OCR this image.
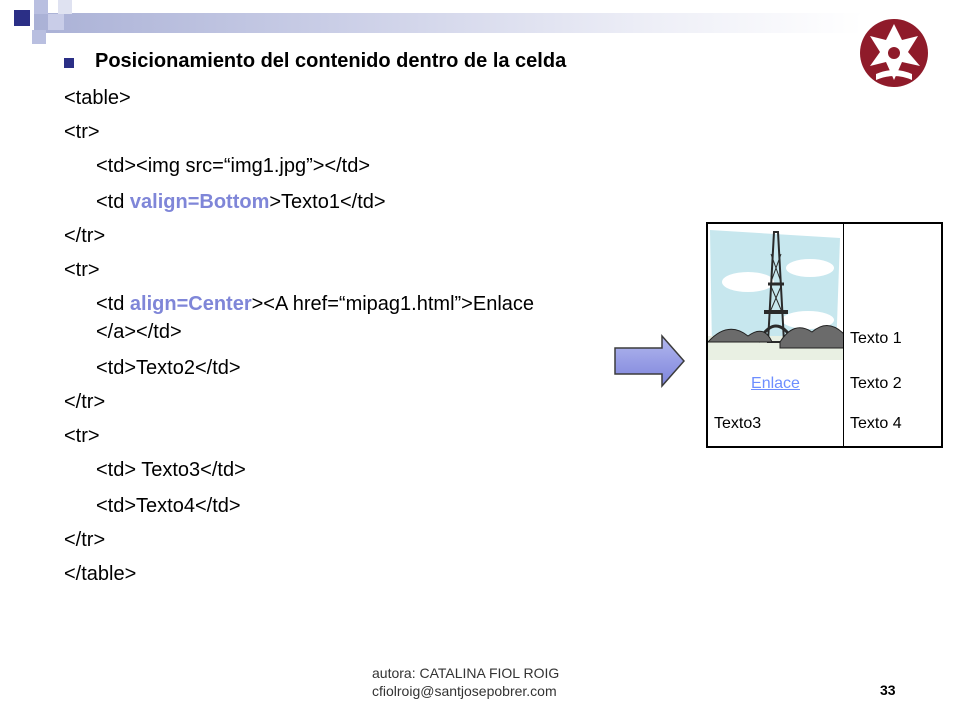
Posicionamiento del contenido dentro de la celda
<table>
<tr>
<td><img src=“img1.jpg”></td>
<td valign=Bottom>Texto1</td>
</tr>
<tr>
<td align=Center><A href=“mipag1.html”>Enlace
</a></td>
<td>Texto2</td>
</tr>
<tr>
<td> Texto3</td>
<td>Texto4</td>
</tr>
</table>
Texto 1
Enlace	Texto 2
Texto3	Texto 4
autora: CATALINA FIOL ROIG
cfiolroig@santjosepobrer.com	33
